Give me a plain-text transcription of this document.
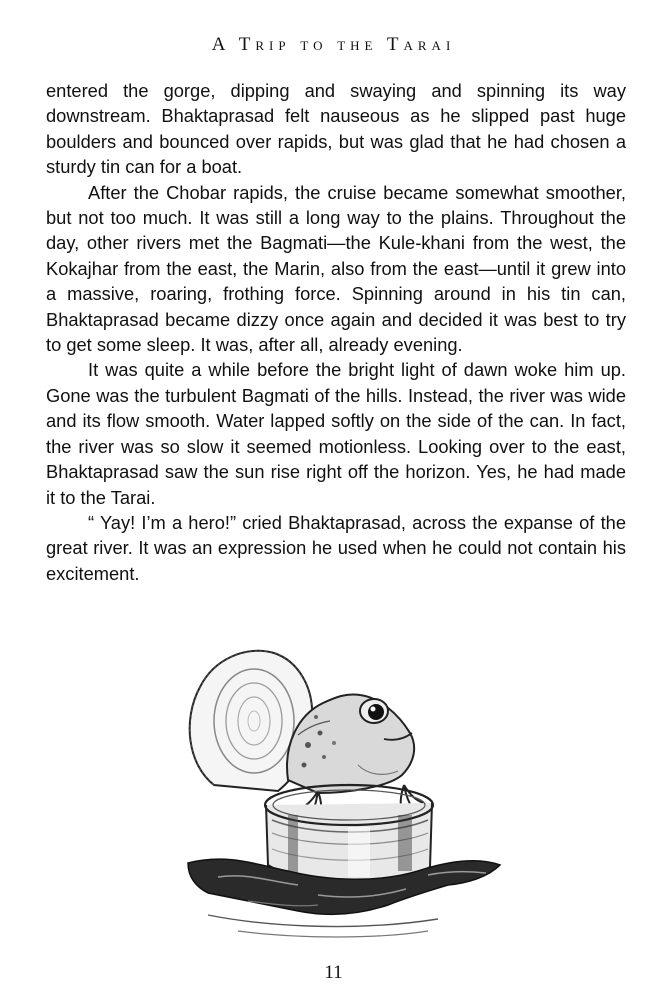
A Trip to the Tarai

entered the gorge, dipping and swaying and spinning its way downstream. Bhaktaprasad felt nauseous as he slipped past huge boulders and bounced over rapids, but was glad that he had chosen a sturdy tin can for a boat.

After the Chobar rapids, the cruise became somewhat smoother, but not too much. It was still a long way to the plains. Throughout the day, other rivers met the Bagmati—the Kule-khani from the west, the Kokajhar from the east, the Marin, also from the east—until it grew into a massive, roaring, frothing force. Spinning around in his tin can, Bhaktaprasad became dizzy once again and decided it was best to try to get some sleep. It was, after all, already evening.

It was quite a while before the bright light of dawn woke him up. Gone was the turbulent Bagmati of the hills. Instead, the river was wide and its flow smooth. Water lapped softly on the side of the can. In fact, the river was so slow it seemed motionless. Looking over to the east, Bhaktaprasad saw the sun rise right off the horizon. Yes, he had made it to the Tarai.

“ Yay! I’m a hero!” cried Bhaktaprasad, across the expanse of the great river. It was an expression he used when he could not contain his excitement.

11
